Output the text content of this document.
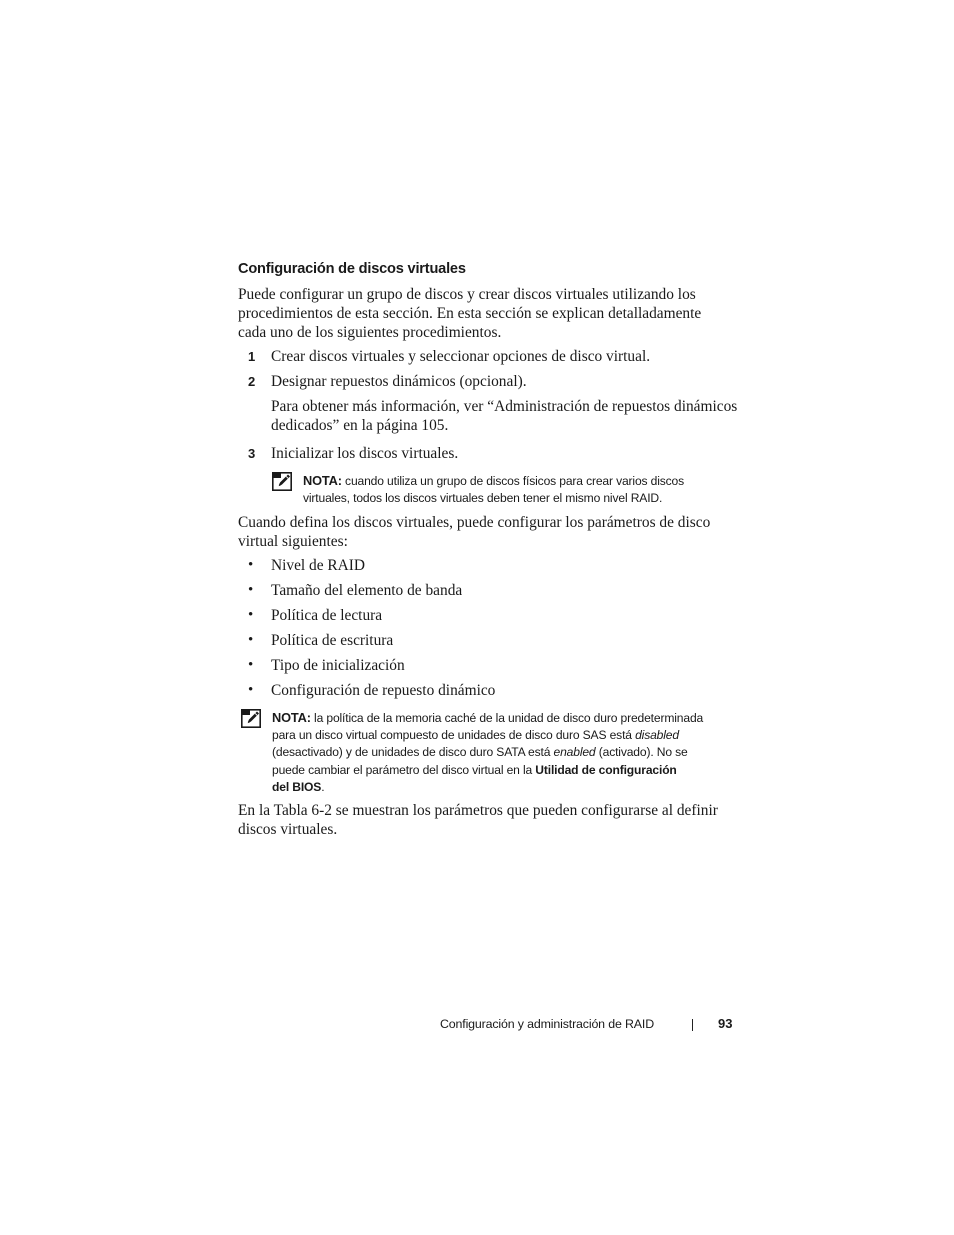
Configuración de discos virtuales
Puede configurar un grupo de discos y crear discos virtuales utilizando los
procedimientos de esta sección. En esta sección se explican detalladamente
cada uno de los siguientes procedimientos.
1 Crear discos virtuales y seleccionar opciones de disco virtual.
2 Designar repuestos dinámicos (opcional).
Para obtener más información, ver “Administración de repuestos dinámicos
dedicados” en la página 105.
3 Inicializar los discos virtuales.
NOTA: cuando utiliza un grupo de discos físicos para crear varios discos
virtuales, todos los discos virtuales deben tener el mismo nivel RAID.
Cuando defina los discos virtuales, puede configurar los parámetros de disco
virtual siguientes:
• Nivel de RAID
• Tamaño del elemento de banda
• Política de lectura
• Política de escritura
• Tipo de inicialización
• Configuración de repuesto dinámico
NOTA: la política de la memoria caché de la unidad de disco duro predeterminada
para un disco virtual compuesto de unidades de disco duro SAS está disabled
(desactivado) y de unidades de disco duro SATA está enabled (activado). No se
puede cambiar el parámetro del disco virtual en la Utilidad de configuración
del BIOS.
En la Tabla 6-2 se muestran los parámetros que pueden configurarse al definir
discos virtuales.
Configuración y administración de RAID	93
